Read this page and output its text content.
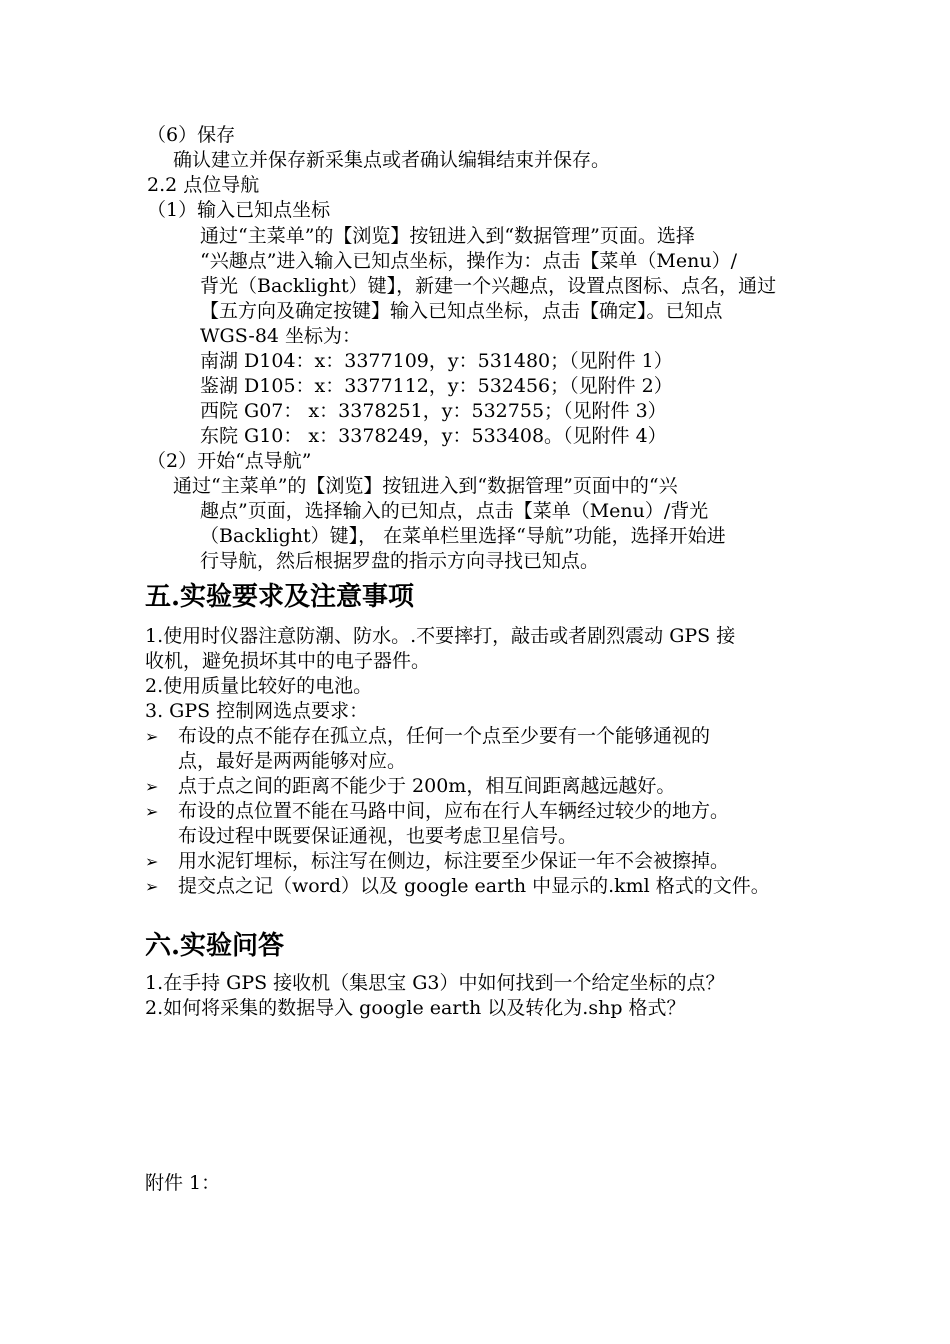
（6）保存
确认建立并保存新采集点或者确认编辑结束并保存。
2.2 点位导航
（1）输入已知点坐标
通过“主菜单”的【浏览】按钮进入到“数据管理”页面。选择
“兴趣点”进入输入已知点坐标，操作为：点击【菜单（Menu）/
背光（Backlight）键】，新建一个兴趣点，设置点图标、点名，通过
【五方向及确定按键】输入已知点坐标，点击【确定】。已知点
WGS-84 坐标为：
南湖 D104：x：3377109，y：531480；（见附件 1）
鉴湖 D105：x：3377112，y：532456；（见附件 2）
西院 G07： x：3378251，y：532755；（见附件 3）
东院 G10： x：3378249，y：533408。（见附件 4）
（2）开始“点导航”
通过“主菜单”的【浏览】按钮进入到“数据管理”页面中的“兴
趣点”页面，选择输入的已知点，点击【菜单（Menu）/背光
（Backlight）键】， 在菜单栏里选择“导航”功能，选择开始进
行导航，然后根据罗盘的指示方向寻找已知点。
五.实验要求及注意事项
1.使用时仪器注意防潮、防水。.不要摔打，敲击或者剧烈震动 GPS 接
收机，避免损坏其中的电子器件。
2.使用质量比较好的电池。
3. GPS 控制网选点要求：
➢ 布设的点不能存在孤立点，任何一个点至少要有一个能够通视的
点，最好是两两能够对应。
➢ 点于点之间的距离不能少于 200m，相互间距离越远越好。
➢ 布设的点位置不能在马路中间，应布在行人车辆经过较少的地方。
布设过程中既要保证通视，也要考虑卫星信号。
➢ 用水泥钉埋标，标注写在侧边，标注要至少保证一年不会被擦掉。
➢ 提交点之记（word）以及 google earth 中显示的.kml 格式的文件。
六.实验问答
1.在手持 GPS 接收机（集思宝 G3）中如何找到一个给定坐标的点？
2.如何将采集的数据导入 google earth 以及转化为.shp 格式？
附件 1：
